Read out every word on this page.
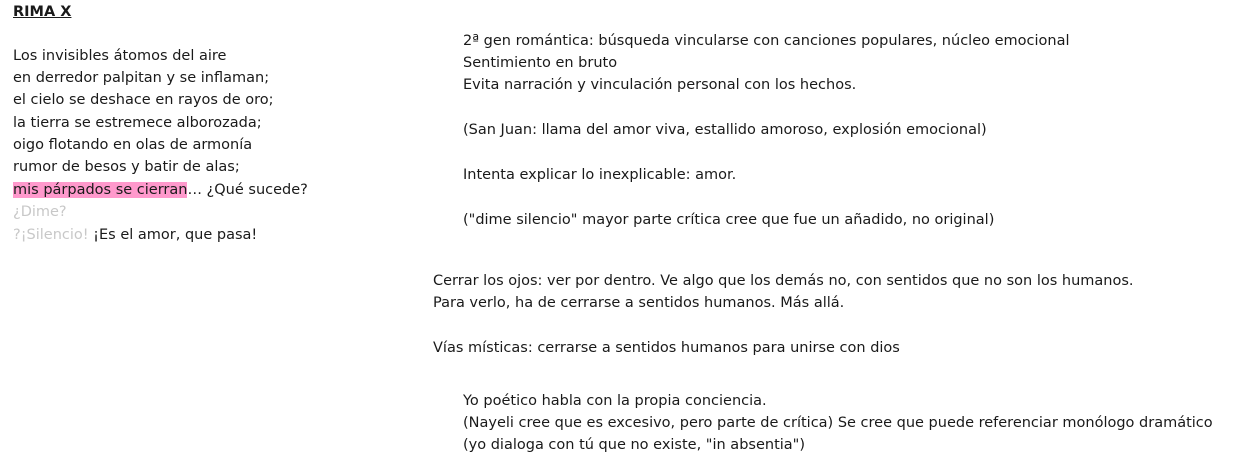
RIMA X
Los invisibles átomos del aire
en derredor palpitan y se inflaman;
el cielo se deshace en rayos de oro;
la tierra se estremece alborozada;
oigo flotando en olas de armonía
rumor de besos y batir de alas;
mis párpados se cierran… ¿Qué sucede?
¿Dime?
?¡Silencio! ¡Es el amor, que pasa!
2ª gen romántica: búsqueda vincularse con canciones populares, núcleo emocional
Sentimiento en bruto
Evita narración y vinculación personal con los hechos.
(San Juan: llama del amor viva, estallido amoroso, explosión emocional)
Intenta explicar lo inexplicable: amor.
("dime silencio" mayor parte crítica cree que fue un añadido, no original)
Cerrar los ojos: ver por dentro. Ve algo que los demás no, con sentidos que no son los humanos.
Para verlo, ha de cerrarse a sentidos humanos. Más allá.
Vías místicas: cerrarse a sentidos humanos para unirse con dios
Yo poético habla con la propia conciencia.
(Nayeli cree que es excesivo, pero parte de crítica) Se cree que puede referenciar monólogo dramático
(yo dialoga con tú que no existe, "in absentia")
